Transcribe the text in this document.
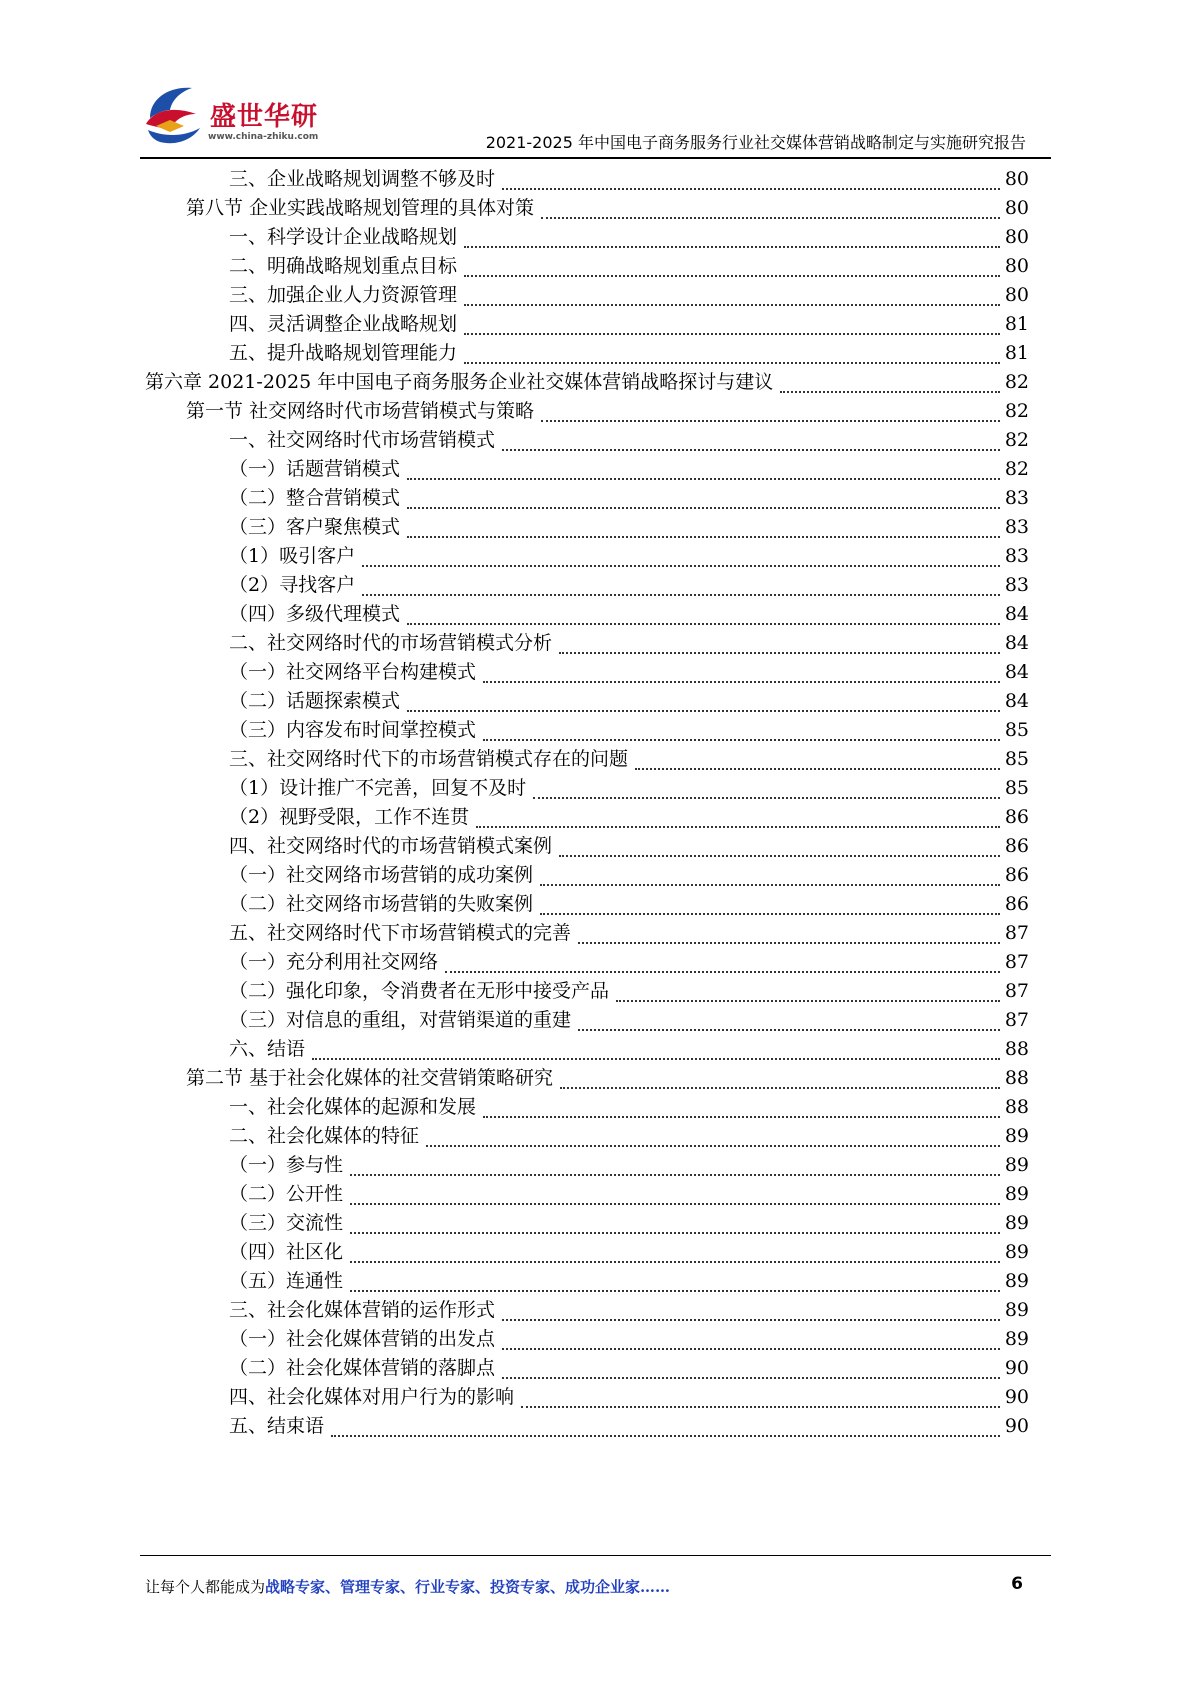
盛世华研
www.china-zhiku.com	2021-2025 年中国电子商务服务行业社交媒体营销战略制定与实施研究报告
三、企业战略规划调整不够及时	80
第八节 企业实践战略规划管理的具体对策	80
一、科学设计企业战略规划	80
二、明确战略规划重点目标	80
三、加强企业人力资源管理	80
四、灵活调整企业战略规划	81
五、提升战略规划管理能力	81
第六章 2021-2025 年中国电子商务服务企业社交媒体营销战略探讨与建议	82
第一节 社交网络时代市场营销模式与策略	82
一、社交网络时代市场营销模式	82
（一）话题营销模式	82
（二）整合营销模式	83
（三）客户聚焦模式	83
（1）吸引客户	83
（2）寻找客户	83
（四）多级代理模式	84
二、社交网络时代的市场营销模式分析	84
（一）社交网络平台构建模式	84
（二）话题探索模式	84
（三）内容发布时间掌控模式	85
三、社交网络时代下的市场营销模式存在的问题	85
（1）设计推广不完善，回复不及时	85
（2）视野受限，工作不连贯	86
四、社交网络时代的市场营销模式案例	86
（一）社交网络市场营销的成功案例	86
（二）社交网络市场营销的失败案例	86
五、社交网络时代下市场营销模式的完善	87
（一）充分利用社交网络	87
（二）强化印象，令消费者在无形中接受产品	87
（三）对信息的重组，对营销渠道的重建	87
六、结语	88
第二节 基于社会化媒体的社交营销策略研究	88
一、社会化媒体的起源和发展	88
二、社会化媒体的特征	89
（一）参与性	89
（二）公开性	89
（三）交流性	89
（四）社区化	89
（五）连通性	89
三、社会化媒体营销的运作形式	89
（一）社会化媒体营销的出发点	89
（二）社会化媒体营销的落脚点	90
四、社会化媒体对用户行为的影响	90
五、结束语	90
让每个人都能成为战略专家、管理专家、行业专家、投资专家、成功企业家……	6
